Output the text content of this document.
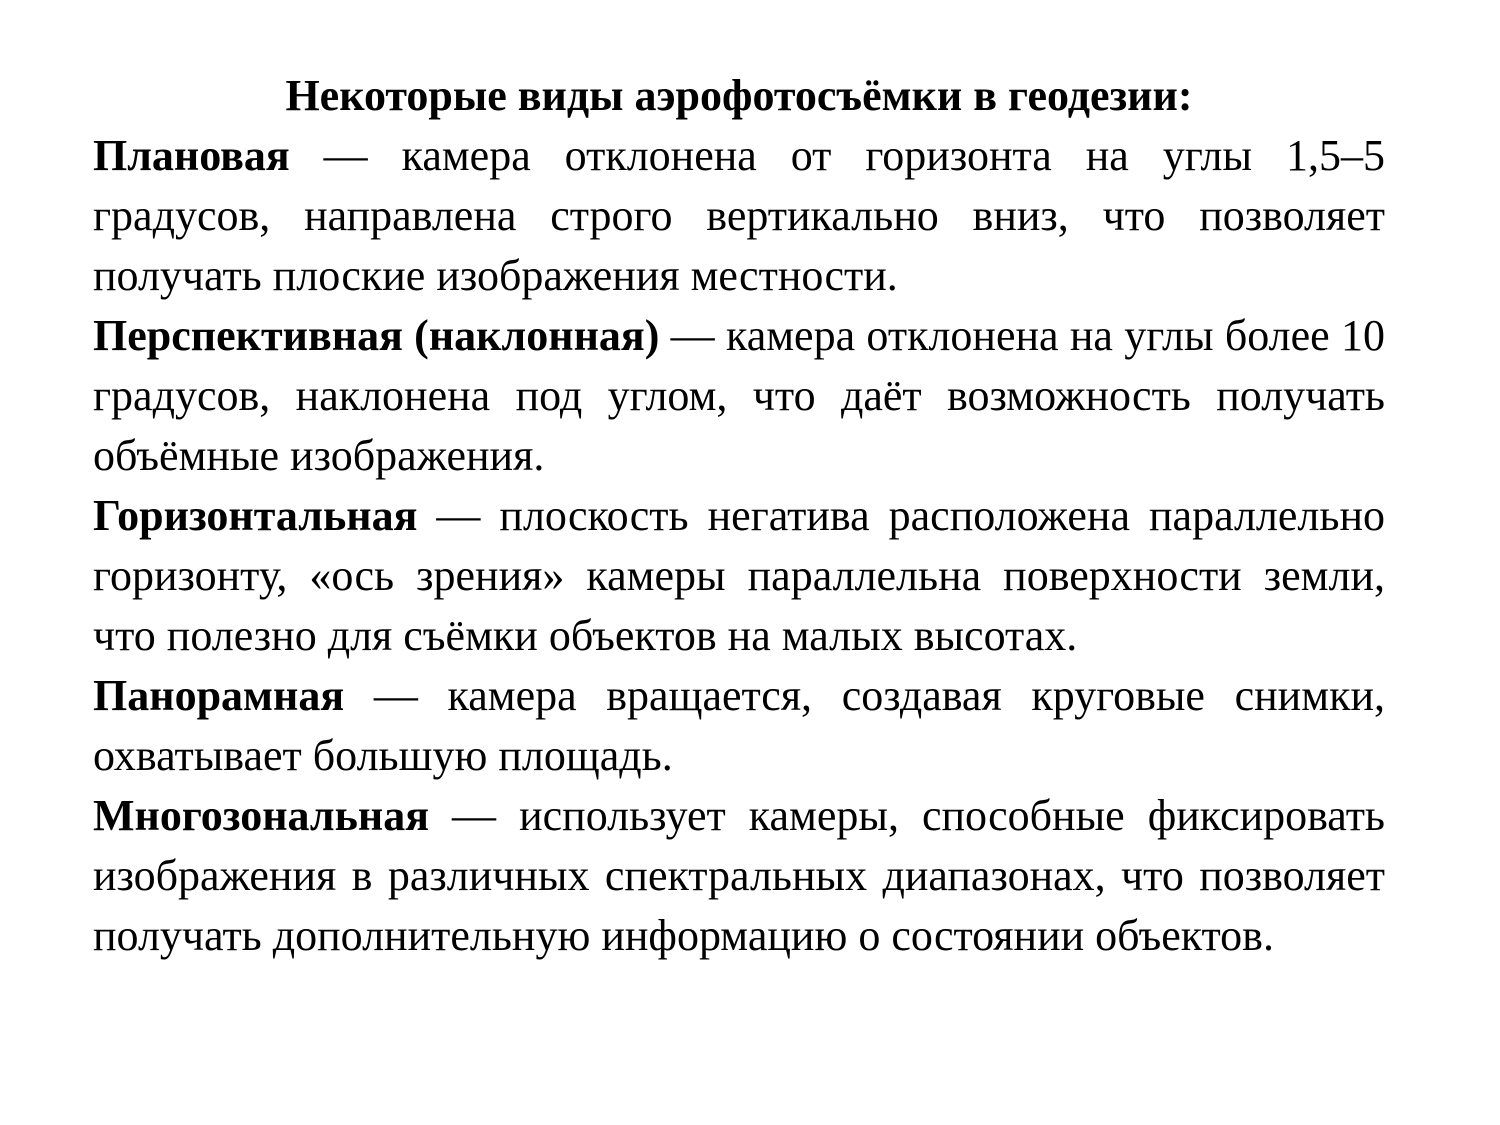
Некоторые виды аэрофотосъёмки в геодезии:

Плановая — камера отклонена от горизонта на углы 1,5–5 градусов, направлена строго вертикально вниз, что позволяет получать плоские изображения местности.

Перспективная (наклонная) — камера отклонена на углы более 10 градусов, наклонена под углом, что даёт возможность получать объёмные изображения.

Горизонтальная — плоскость негатива расположена параллельно горизонту, «ось зрения» камеры параллельна поверхности земли, что полезно для съёмки объектов на малых высотах.

Панорамная — камера вращается, создавая круговые снимки, охватывает большую площадь.

Многозональная — использует камеры, способные фиксировать изображения в различных спектральных диапазонах, что позволяет получать дополнительную информацию о состоянии объектов.
